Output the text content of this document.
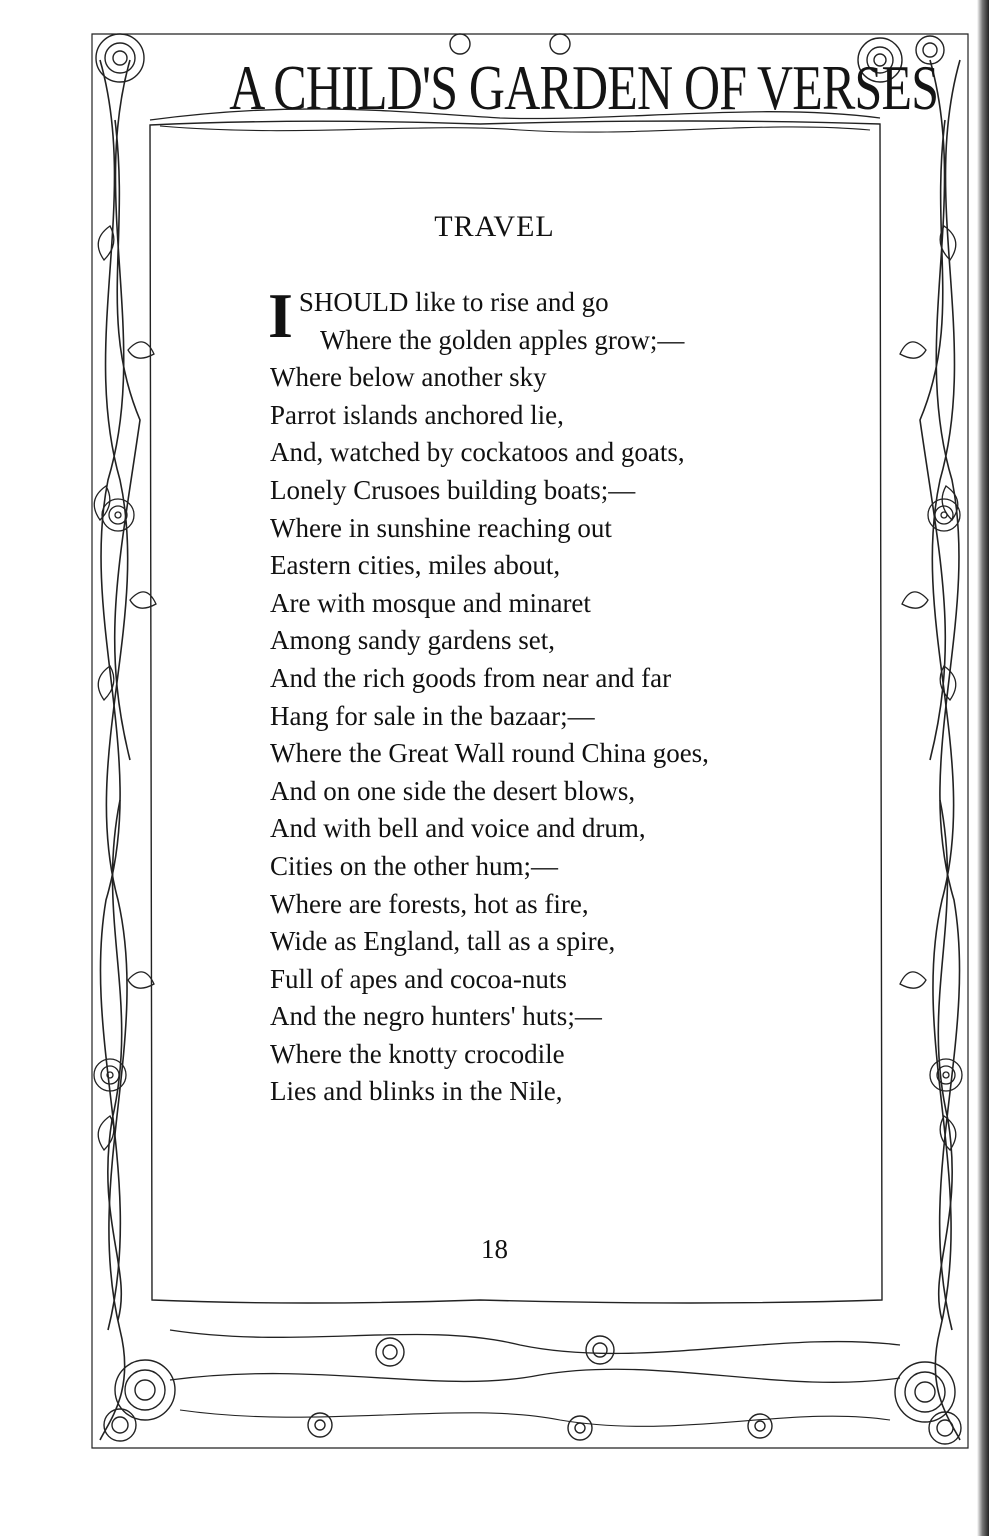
A CHILD'S GARDEN OF VERSES
TRAVEL
I SHOULD like to rise and go
Where the golden apples grow;—
Where below another sky
Parrot islands anchored lie,
And, watched by cockatoos and goats,
Lonely Crusoes building boats;—
Where in sunshine reaching out
Eastern cities, miles about,
Are with mosque and minaret
Among sandy gardens set,
And the rich goods from near and far
Hang for sale in the bazaar;—
Where the Great Wall round China goes,
And on one side the desert blows,
And with bell and voice and drum,
Cities on the other hum;—
Where are forests, hot as fire,
Wide as England, tall as a spire,
Full of apes and cocoa-nuts
And the negro hunters' huts;—
Where the knotty crocodile
Lies and blinks in the Nile,
18
